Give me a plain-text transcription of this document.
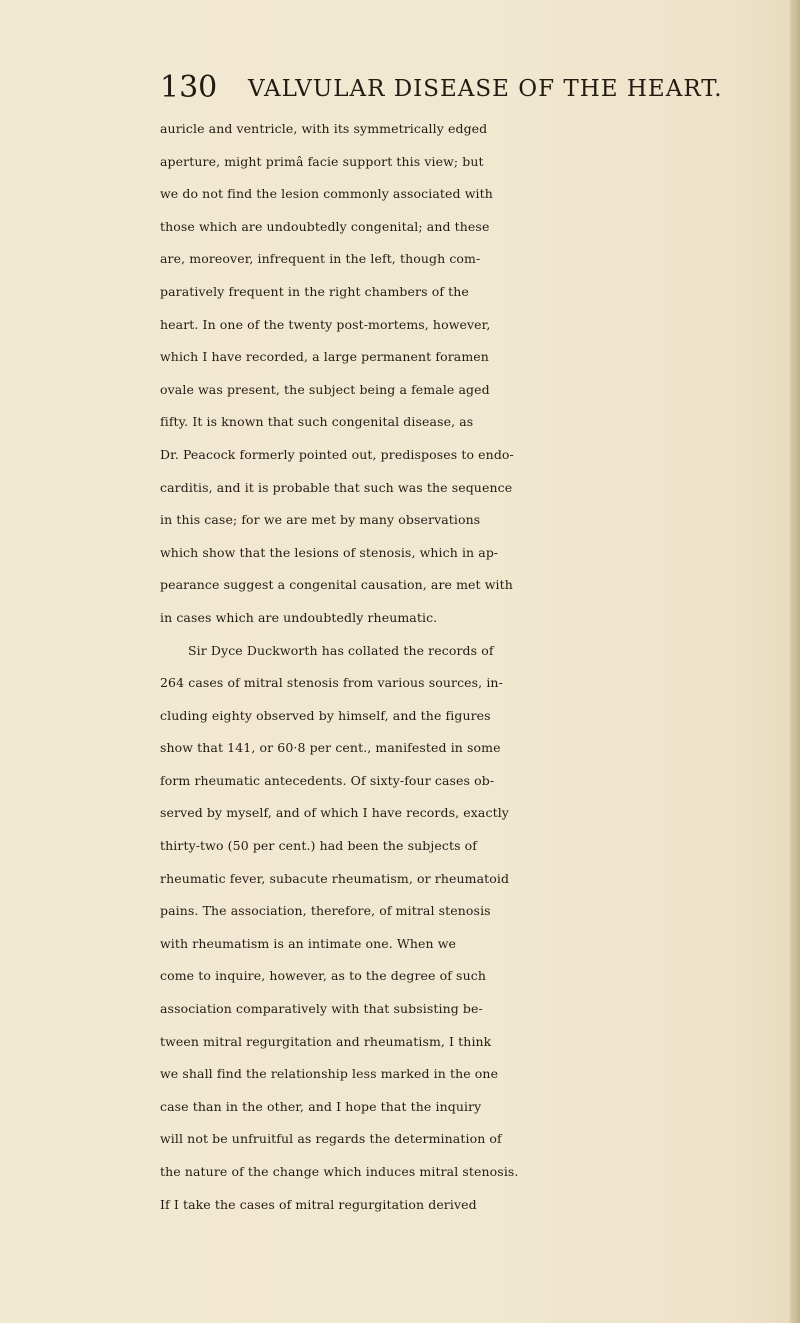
130 VALVULAR DISEASE OF THE HEART.
auricle and ventricle, with its symmetrically edged
aperture, might primâ facie support this view; but
we do not find the lesion commonly associated with
those which are undoubtedly congenital; and these
are, moreover, infrequent in the left, though com-
paratively frequent in the right chambers of the
heart. In one of the twenty post-mortems, however,
which I have recorded, a large permanent foramen
ovale was present, the subject being a female aged
fifty. It is known that such congenital disease, as
Dr. Peacock formerly pointed out, predisposes to endo-
carditis, and it is probable that such was the sequence
in this case; for we are met by many observations
which show that the lesions of stenosis, which in ap-
pearance suggest a congenital causation, are met with
in cases which are undoubtedly rheumatic.
Sir Dyce Duckworth has collated the records of
264 cases of mitral stenosis from various sources, in-
cluding eighty observed by himself, and the figures
show that 141, or 60·8 per cent., manifested in some
form rheumatic antecedents. Of sixty-four cases ob-
served by myself, and of which I have records, exactly
thirty-two (50 per cent.) had been the subjects of
rheumatic fever, subacute rheumatism, or rheumatoid
pains. The association, therefore, of mitral stenosis
with rheumatism is an intimate one. When we
come to inquire, however, as to the degree of such
association comparatively with that subsisting be-
tween mitral regurgitation and rheumatism, I think
we shall find the relationship less marked in the one
case than in the other, and I hope that the inquiry
will not be unfruitful as regards the determination of
the nature of the change which induces mitral stenosis.
If I take the cases of mitral regurgitation derived
